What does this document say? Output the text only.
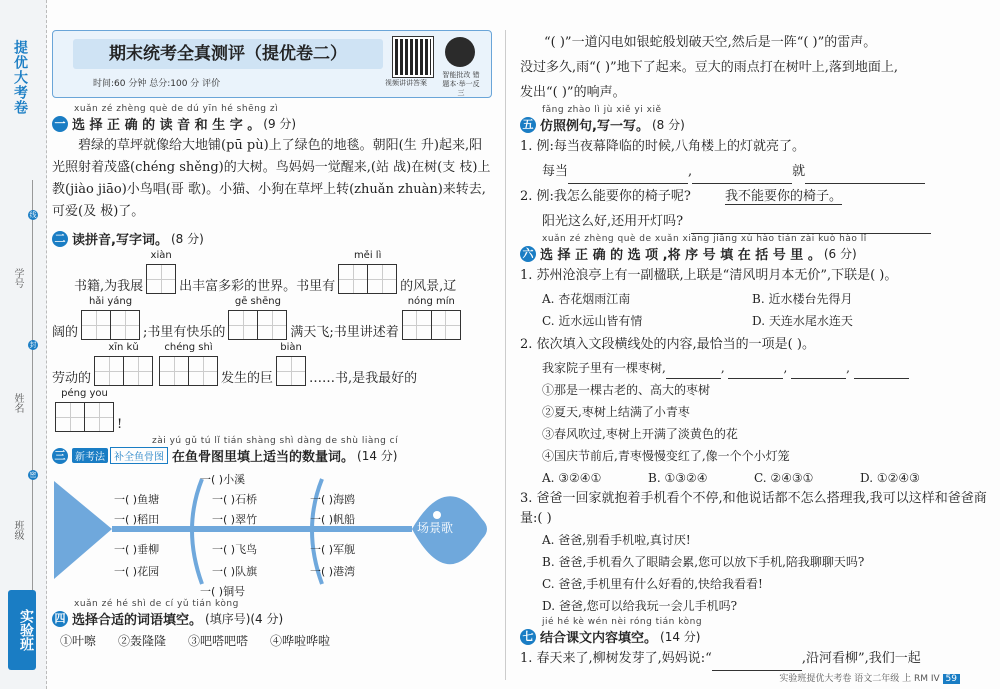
提优大考卷
线
封
密
学号
姓名
班级
实验班
期末统考全真测评（提优卷二）
时间:60 分钟 总分:100 分 评价	视频讲讲答案
智能批改 错题本·举一反三
xuǎn zé zhèng què de dú yīn hé shēng zì
一 选 择 正 确 的 读 音 和 生 字 。 (9 分)

碧绿的草坪就像给大地铺(pū pù)上了绿色的地毯。朝阳(生 升)起来,阳光照射着茂盛(chéng shěng)的大树。鸟妈妈一觉醒来,(站 战)在树(支 枝)上教(jiào jiāo)小鸟唱(哥 歌)。小猫、小狗在草坪上转(zhuǎn zhuàn)来转去,可爱(及 极)了。

二 读拼音,写字词。 (8 分)
书籍,为我展
xiàn
出丰富多彩的世界。书里有
měi lì
的风景,辽
阔的
hǎi yáng
;书里有快乐的
gē shēng
满天飞;书里讲述着
nóng mín
劳动的
xīn kǔ	chéng shì
发生的巨
biàn
……书,是我最好的
péng you
!
zài yú gǔ tú lǐ tián shàng shì dàng de shù liàng cí
三 新考法 补全鱼骨图 在鱼骨图里填上适当的数量词。 (14 分)
场景歌
一( )小溪
一( )鱼塘	一( )石桥	一( )海鸥
一( )稻田	一( )翠竹	一( )帆船
一( )垂柳	一( )飞鸟	一( )军舰
一( )花园	一( )队旗	一( )港湾
一( )铜号
xuǎn zé hé shì de cí yǔ tián kòng
四 选择合适的词语填空。 (填序号)(4 分)
①叶嚓 ②轰隆隆 ③吧嗒吧嗒 ④哗啦哗啦
“( )”一道闪电如银蛇般划破天空,然后是一阵“( )”的雷声。
没过多久,雨“( )”地下了起来。豆大的雨点打在树叶上,落到地面上,
发出“( )”的响声。
fǎng zhào lì jù xiě yi xiě
五 仿照例句,写一写。 (8 分)
1. 例:每当夜幕降临的时候,八角楼上的灯就亮了。
每当	,	就
2. 例:我怎么能要你的椅子呢?	我不能要你的椅子。
阳光这么好,还用开灯吗?
xuǎn zé zhèng què de xuǎn xiàng jiāng xù hào tián zài kuò hào lǐ
六 选 择 正 确 的 选 项 ,将 序 号 填 在 括 号 里 。 (6 分)
1. 苏州沧浪亭上有一副楹联,上联是“清风明月本无价”,下联是( )。
A. 杏花烟雨江南	B. 近水楼台先得月
C. 近水远山皆有情	D. 天连水尾水连天
2. 依次填入文段横线处的内容,最恰当的一项是( )。
我家院子里有一棵枣树,	,	,	,
①那是一棵古老的、高大的枣树
②夏天,枣树上结满了小青枣
③春风吹过,枣树上开满了淡黄色的花
④国庆节前后,青枣慢慢变红了,像一个个小灯笼
A. ③②④①	B. ①③②④	C. ②④③①	D. ①②④③
3. 爸爸一回家就抱着手机看个不停,和他说话都不怎么搭理我,我可以这样和爸爸商量:( )
A. 爸爸,别看手机啦,真讨厌!
B. 爸爸,手机看久了眼睛会累,您可以放下手机,陪我聊聊天吗?
C. 爸爸,手机里有什么好看的,快给我看看!
D. 爸爸,您可以给我玩一会儿手机吗?
jié hé kè wén nèi róng tián kòng
七 结合课文内容填空。 (14 分)
1. 春天来了,柳树发芽了,妈妈说:“	,沿河看柳”,我们一起
实验班提优大考卷 语文二年级 上 RM IV 59
